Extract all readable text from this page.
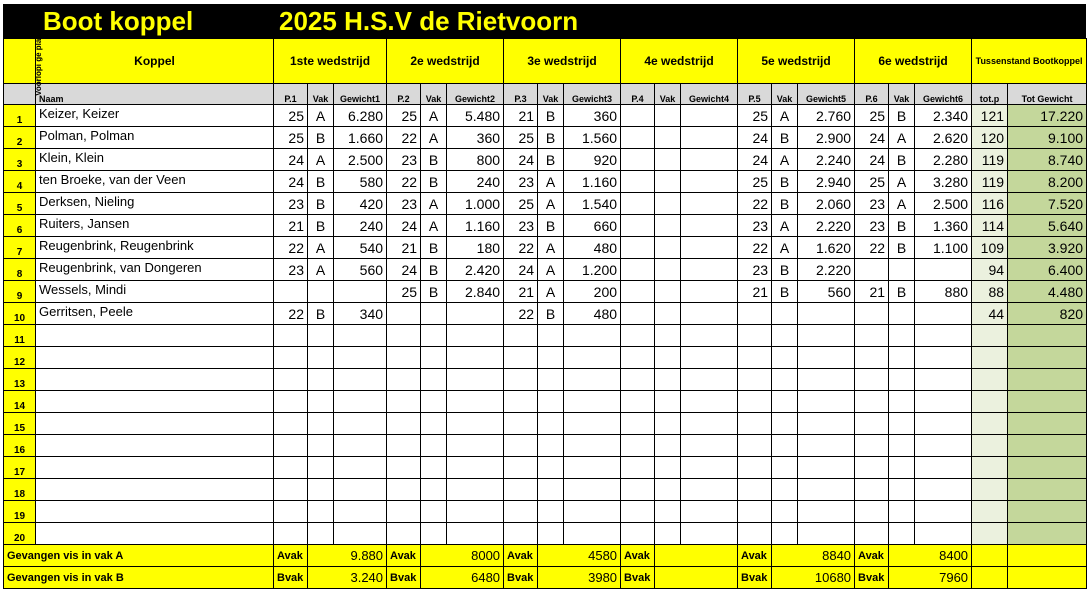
Boot koppel	2025 H.S.V de Rietvoorn
Voorlopi ge plaats	Koppel	1ste wedstrijd			2e wedstrijd			3e wedstrijd			4e wedstrijd			5e wedstrijd			6e wedstrijd			Tussenstand Bootkoppel	
	Naam	P.1	Vak	Gewicht1	P.2	Vak	Gewicht2	P.3	Vak	Gewicht3	P.4	Vak	Gewicht4	P.5	Vak	Gewicht5	P.6	Vak	Gewicht6	tot.p	Tot Gewicht
1	Keizer, Keizer	25	A	6.280	25	A	5.480	21	B	360				25	A	2.760	25	B	2.340	121	17.220
2	Polman, Polman	25	B	1.660	22	A	360	25	B	1.560				24	B	2.900	24	A	2.620	120	9.100
3	Klein, Klein	24	A	2.500	23	B	800	24	B	920				24	A	2.240	24	B	2.280	119	8.740
4	ten Broeke, van der Veen	24	B	580	22	B	240	23	A	1.160				25	B	2.940	25	A	3.280	119	8.200
5	Derksen, Nieling	23	B	420	23	A	1.000	25	A	1.540				22	B	2.060	23	A	2.500	116	7.520
6	Ruiters, Jansen	21	B	240	24	A	1.160	23	B	660				23	A	2.220	23	B	1.360	114	5.640
7	Reugenbrink, Reugenbrink	22	A	540	21	B	180	22	A	480				22	A	1.620	22	B	1.100	109	3.920
8	Reugenbrink, van Dongeren	23	A	560	24	B	2.420	24	A	1.200				23	B	2.220				94	6.400
9	Wessels, Mindi				25	B	2.840	21	A	200				21	B	560	21	B	880	88	4.480
10	Gerritsen, Peele	22	B	340				22	B	480										44	820
11																					
12																					
13																					
14																					
15																					
16																					
17																					
18																					
19																					
20																					
Gevangen vis in vak A		Avak	9.880		Avak	8000		Avak	4580		Avak			Avak	8840		Avak	8400			
Gevangen vis in vak B		Bvak	3.240		Bvak	6480		Bvak	3980		Bvak			Bvak	10680		Bvak	7960			
